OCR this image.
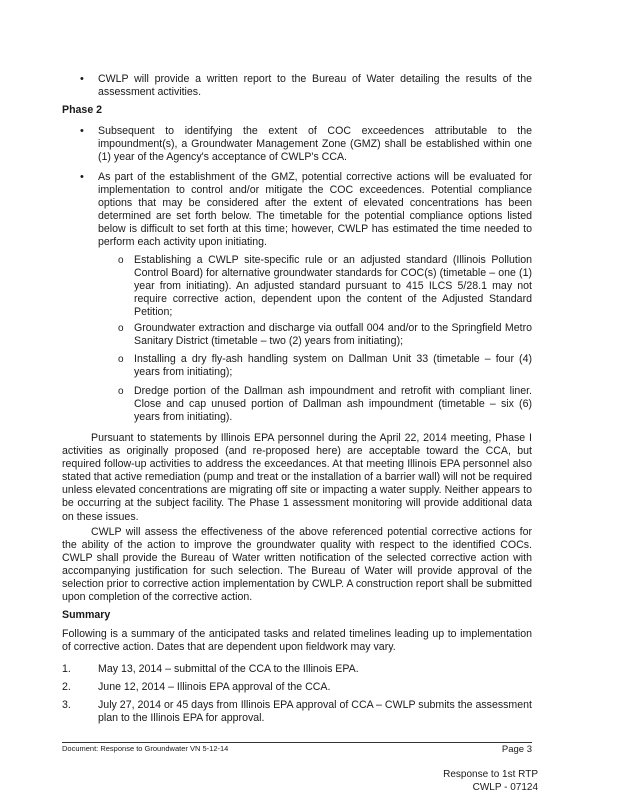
•	CWLP will provide a written report to the Bureau of Water detailing the results of the assessment activities.

Phase 2
•	Subsequent to identifying the extent of COC exceedences attributable to the impoundment(s), a Groundwater Management Zone (GMZ) shall be established within one (1) year of the Agency's acceptance of CWLP's CCA.

•	As part of the establishment of the GMZ, potential corrective actions will be evaluated for implementation to control and/or mitigate the COC exceedences. Potential compliance options that may be considered after the extent of elevated concentrations has been determined are set forth below. The timetable for the potential compliance options listed below is difficult to set forth at this time; however, CWLP has estimated the time needed to perform each activity upon initiating.

o Establishing a CWLP site-specific rule or an adjusted standard (Illinois Pollution Control Board) for alternative groundwater standards for COC(s) (timetable – one (1) year from initiating). An adjusted standard pursuant to 415 ILCS 5/28.1 may not require corrective action, dependent upon the content of the Adjusted Standard Petition;

o Groundwater extraction and discharge via outfall 004 and/or to the Springfield Metro Sanitary District (timetable – two (2) years from initiating);

o Installing a dry fly-ash handling system on Dallman Unit 33 (timetable – four (4) years from initiating);

o Dredge portion of the Dallman ash impoundment and retrofit with compliant liner. Close and cap unused portion of Dallman ash impoundment (timetable – six (6) years from initiating).

Pursuant to statements by Illinois EPA personnel during the April 22, 2014 meeting, Phase I activities as originally proposed (and re-proposed here) are acceptable toward the CCA, but required follow-up activities to address the exceedances. At that meeting Illinois EPA personnel also stated that active remediation (pump and treat or the installation of a barrier wall) will not be required unless elevated concentrations are migrating off site or impacting a water supply. Neither appears to be occurring at the subject facility. The Phase 1 assessment monitoring will provide additional data on these issues.

CWLP will assess the effectiveness of the above referenced potential corrective actions for the ability of the action to improve the groundwater quality with respect to the identified COCs. CWLP shall provide the Bureau of Water written notification of the selected corrective action with accompanying justification for such selection. The Bureau of Water will provide approval of the selection prior to corrective action implementation by CWLP. A construction report shall be submitted upon completion of the corrective action.

Summary

Following is a summary of the anticipated tasks and related timelines leading up to implementation of corrective action. Dates that are dependent upon fieldwork may vary.

1.	May 13, 2014 – submittal of the CCA to the Illinois EPA.

2.	June 12, 2014 – Illinois EPA approval of the CCA.

3.	July 27, 2014 or 45 days from Illinois EPA approval of CCA – CWLP submits the assessment plan to the Illinois EPA for approval.

Document: Response to Groundwater VN 5-12-14	Page 3
Response to 1st RTP
CWLP - 07124
